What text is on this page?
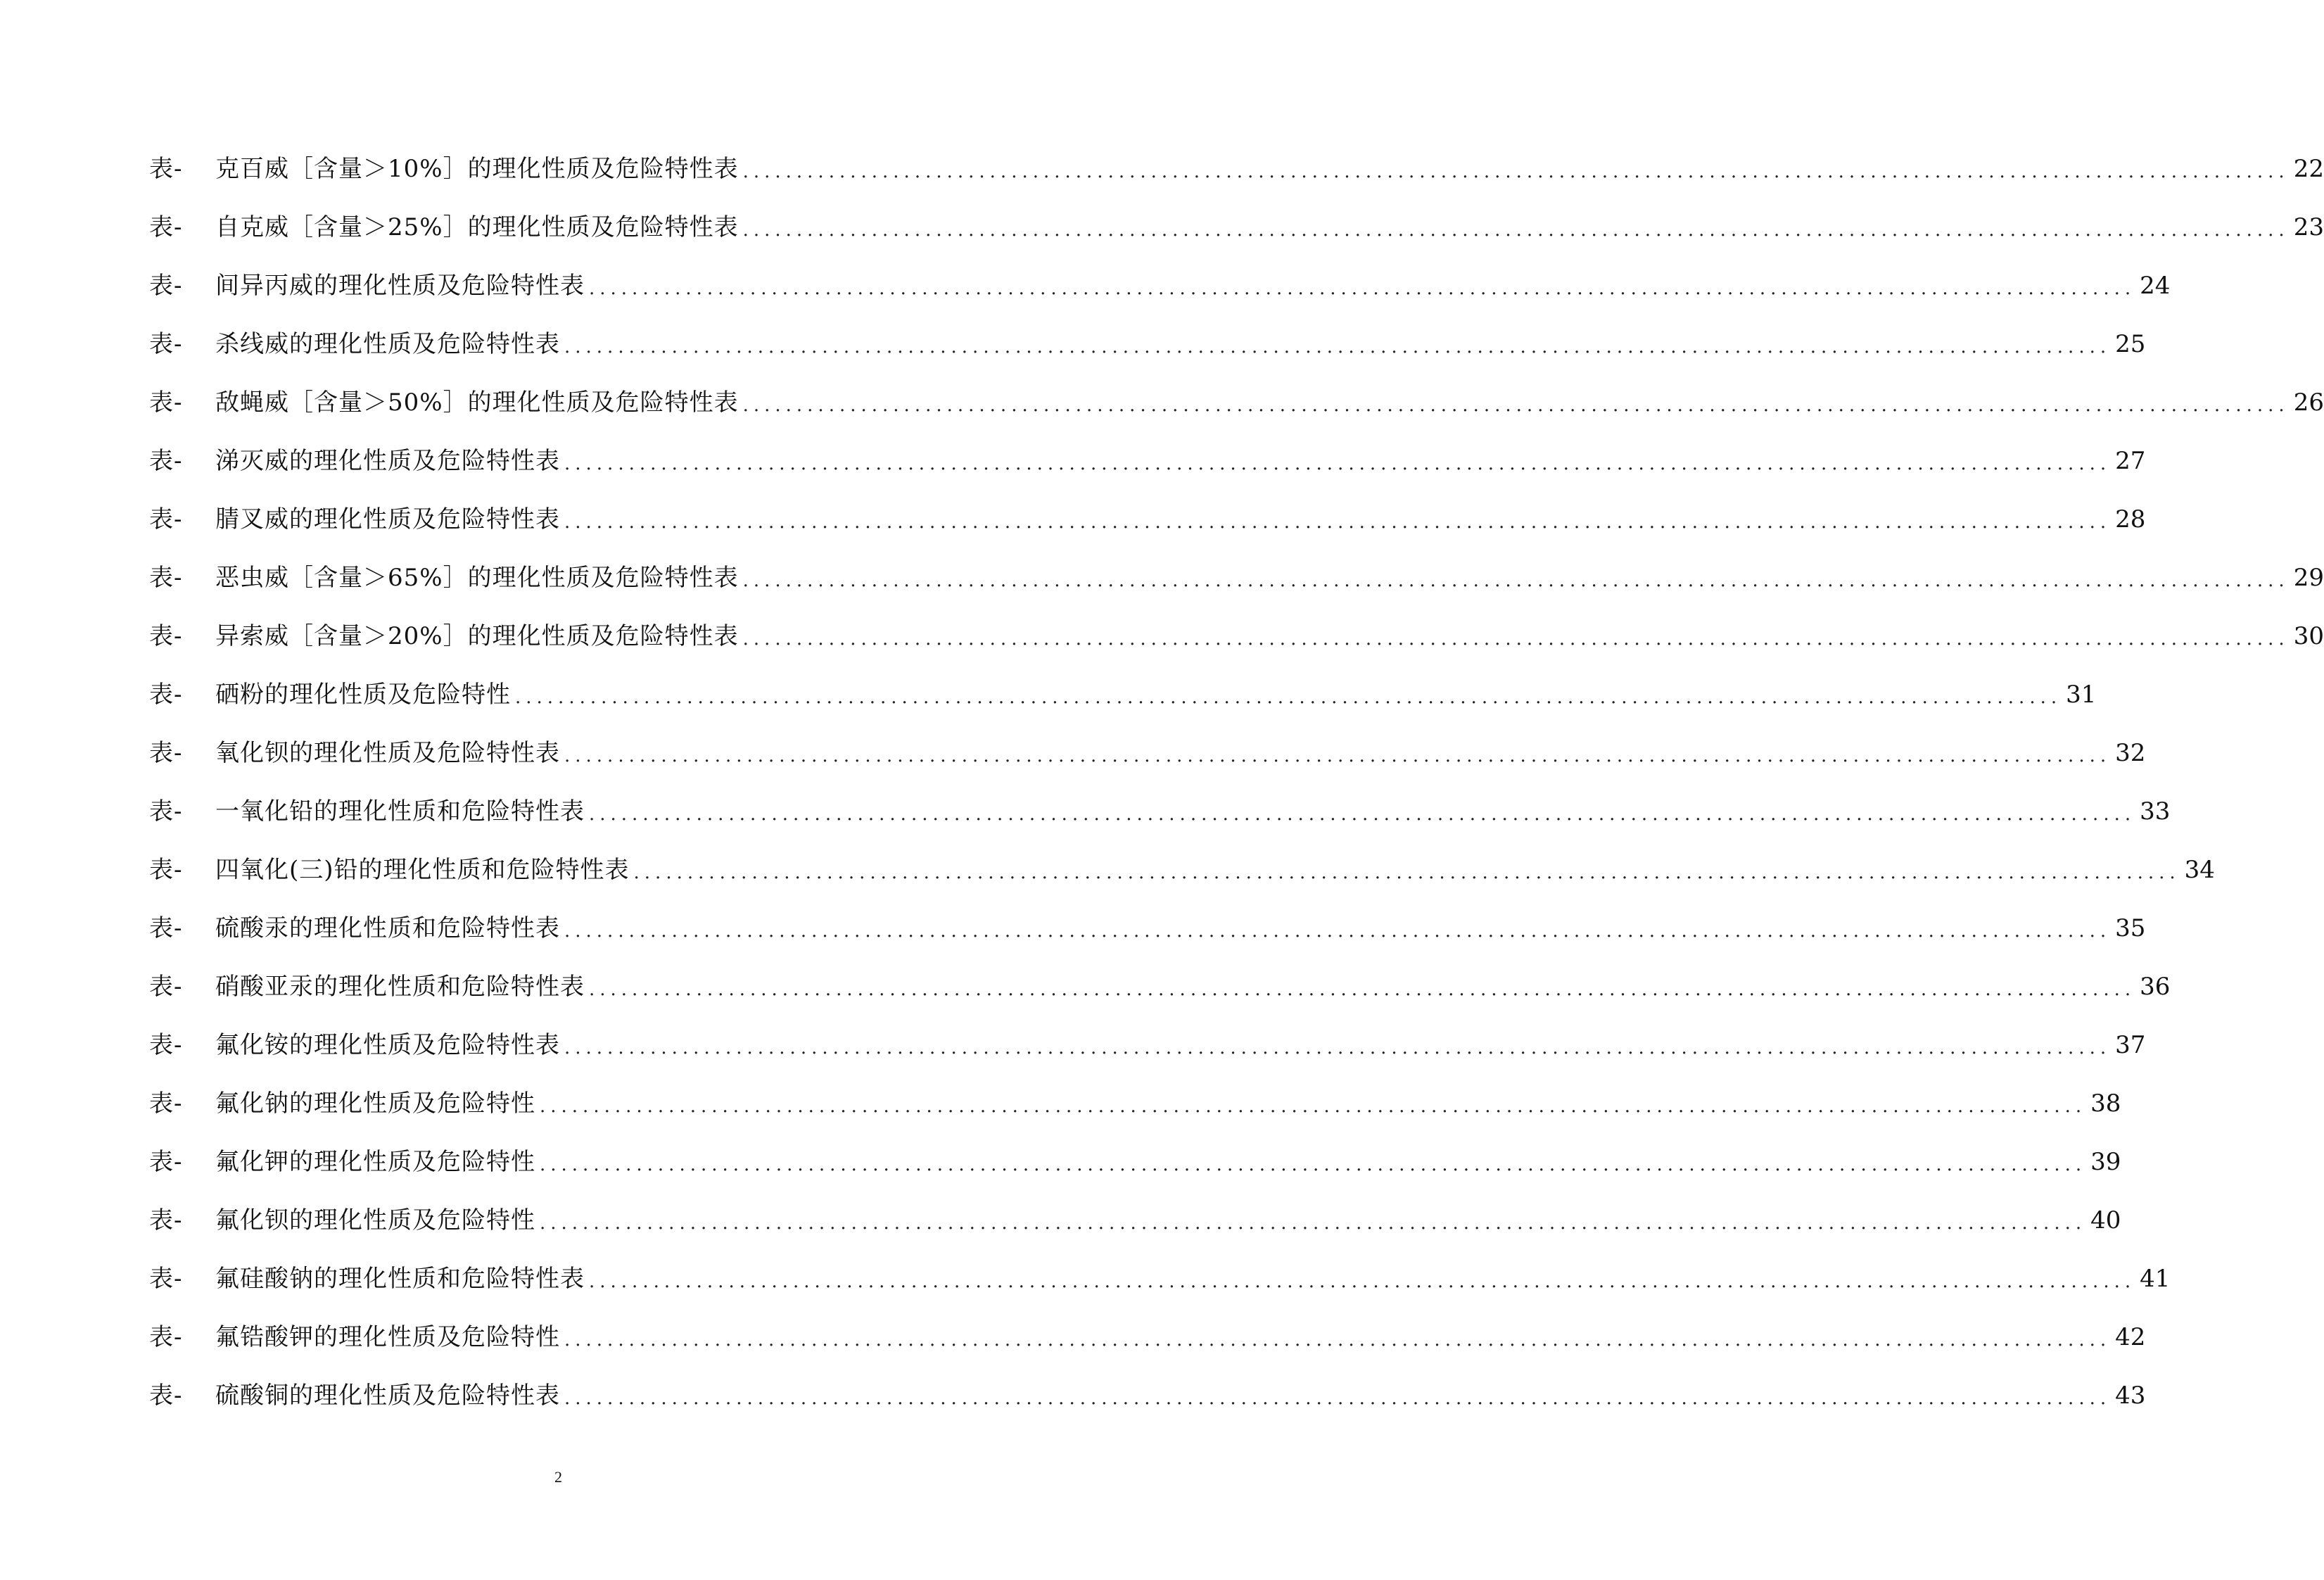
表-	克百威［含量＞10%］的理化性质及危险特性表 ................................................................................................................................................ 22
表-	自克威［含量＞25%］的理化性质及危险特性表 ................................................................................................................................................ 23
表-	间异丙威的理化性质及危险特性表 ................................................................................................................................................ 24
表-	杀线威的理化性质及危险特性表 ................................................................................................................................................ 25
表-	敌蝇威［含量＞50%］的理化性质及危险特性表 ................................................................................................................................................ 26
表-	涕灭威的理化性质及危险特性表 ................................................................................................................................................ 27
表-	腈叉威的理化性质及危险特性表 ................................................................................................................................................ 28
表-	恶虫威［含量＞65%］的理化性质及危险特性表 ................................................................................................................................................ 29
表-	异索威［含量＞20%］的理化性质及危险特性表 ................................................................................................................................................ 30
表-	硒粉的理化性质及危险特性 ................................................................................................................................................ 31
表-	氧化钡的理化性质及危险特性表 ................................................................................................................................................ 32
表-	一氧化铅的理化性质和危险特性表 ................................................................................................................................................ 33
表-	四氧化(三)铅的理化性质和危险特性表 ................................................................................................................................................ 34
表-	硫酸汞的理化性质和危险特性表 ................................................................................................................................................ 35
表-	硝酸亚汞的理化性质和危险特性表 ................................................................................................................................................ 36
表-	氟化铵的理化性质及危险特性表 ................................................................................................................................................ 37
表-	氟化钠的理化性质及危险特性 ................................................................................................................................................ 38
表-	氟化钾的理化性质及危险特性 ................................................................................................................................................ 39
表-	氟化钡的理化性质及危险特性 ................................................................................................................................................ 40
表-	氟硅酸钠的理化性质和危险特性表 ................................................................................................................................................ 41
表-	氟锆酸钾的理化性质及危险特性 ................................................................................................................................................ 42
表-	硫酸铜的理化性质及危险特性表 ................................................................................................................................................ 43
2
